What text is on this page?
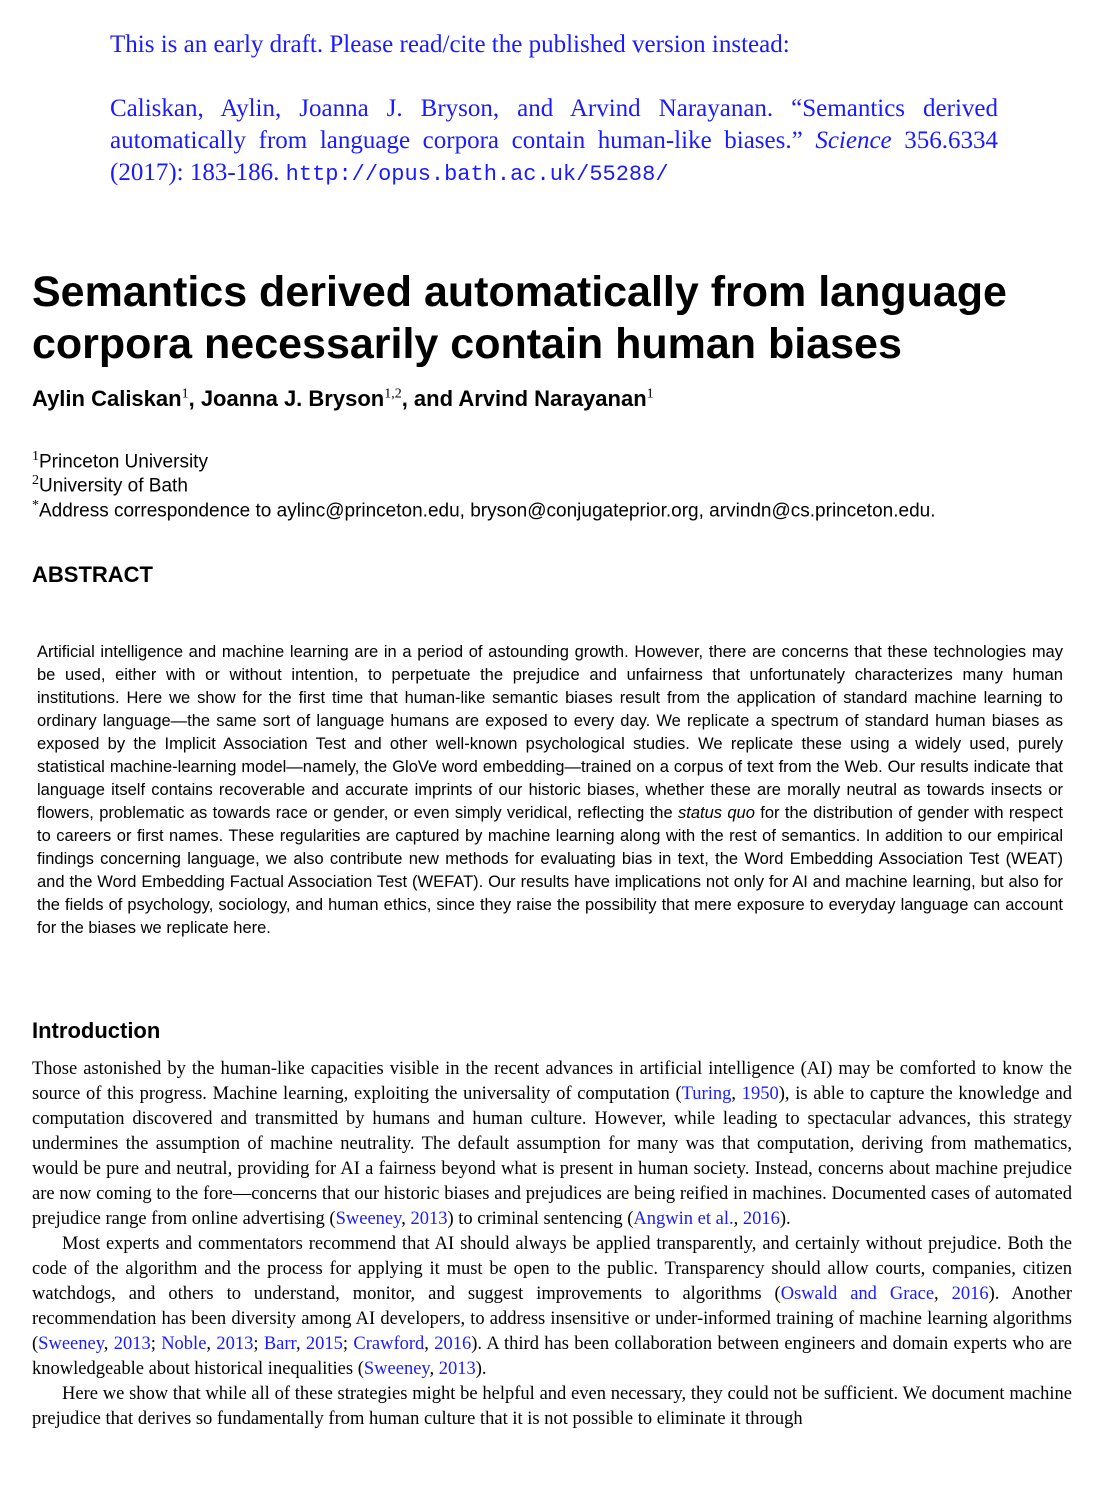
This is an early draft. Please read/cite the published version instead:
Caliskan, Aylin, Joanna J. Bryson, and Arvind Narayanan. “Semantics derived automatically from language corpora contain human-like biases.” Science 356.6334 (2017): 183-186. http://opus.bath.ac.uk/55288/
Semantics derived automatically from language corpora necessarily contain human biases

Aylin Caliskan$^1$, Joanna J. Bryson$^{1,2}$, and Arvind Narayanan$^1$

$^1$Princeton University
$^2$University of Bath
*Address correspondence to aylinc@princeton.edu, bryson@conjugateprior.org, arvindn@cs.princeton.edu.
ABSTRACT

Artificial intelligence and machine learning are in a period of astounding growth. However, there are concerns that these technologies may be used, either with or without intention, to perpetuate the prejudice and unfairness that unfortunately characterizes many human institutions. Here we show for the first time that human-like semantic biases result from the application of standard machine learning to ordinary language—the same sort of language humans are exposed to every day. We replicate a spectrum of standard human biases as exposed by the Implicit Association Test and other well-known psychological studies. We replicate these using a widely used, purely statistical machine-learning model—namely, the GloVe word embedding—trained on a corpus of text from the Web. Our results indicate that language itself contains recoverable and accurate imprints of our historic biases, whether these are morally neutral as towards insects or flowers, problematic as towards race or gender, or even simply veridical, reflecting the status quo for the distribution of gender with respect to careers or first names. These regularities are captured by machine learning along with the rest of semantics. In addition to our empirical findings concerning language, we also contribute new methods for evaluating bias in text, the Word Embedding Association Test (WEAT) and the Word Embedding Factual Association Test (WEFAT). Our results have implications not only for AI and machine learning, but also for the fields of psychology, sociology, and human ethics, since they raise the possibility that mere exposure to everyday language can account for the biases we replicate here.

Introduction

Those astonished by the human-like capacities visible in the recent advances in artificial intelligence (AI) may be comforted to know the source of this progress. Machine learning, exploiting the universality of computation (Turing, 1950), is able to capture the knowledge and computation discovered and transmitted by humans and human culture. However, while leading to spectacular advances, this strategy undermines the assumption of machine neutrality. The default assumption for many was that computation, deriving from mathematics, would be pure and neutral, providing for AI a fairness beyond what is present in human society. Instead, concerns about machine prejudice are now coming to the fore—concerns that our historic biases and prejudices are being reified in machines. Documented cases of automated prejudice range from online advertising (Sweeney, 2013) to criminal sentencing (Angwin et al., 2016).

Most experts and commentators recommend that AI should always be applied transparently, and certainly without prejudice. Both the code of the algorithm and the process for applying it must be open to the public. Transparency should allow courts, companies, citizen watchdogs, and others to understand, monitor, and suggest improvements to algorithms (Oswald and Grace, 2016). Another recommendation has been diversity among AI developers, to address insensitive or under-informed training of machine learning algorithms (Sweeney, 2013; Noble, 2013; Barr, 2015; Crawford, 2016). A third has been collaboration between engineers and domain experts who are knowledgeable about historical inequalities (Sweeney, 2013).

Here we show that while all of these strategies might be helpful and even necessary, they could not be sufficient. We document machine prejudice that derives so fundamentally from human culture that it is not possible to eliminate it through
